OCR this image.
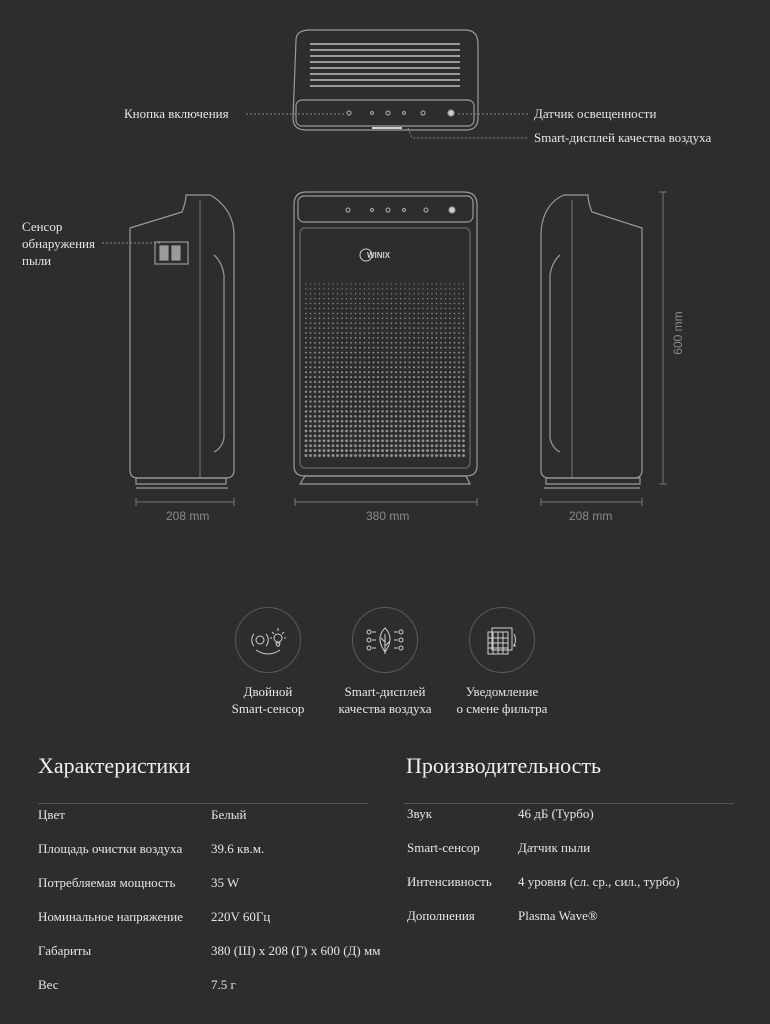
WINIX
Кнопка включения	Датчик освещенности
Smart-дисплей качества воздуха
Сенсор
обнаружения
пыли
208 mm	380 mm	208 mm
600 mm
Двойной
Smart-сенсор
Smart-дисплей
качества воздуха
Уведомление
о смене фильтра
Характеристики
Цвет	Белый
Площадь очистки воздуха 39.6 кв.м.
Потребляемая мощность	35 W
Номинальное напряжение 220V 60Гц
Габариты	380 (Ш) x 208 (Г) x 600 (Д) мм
Вес	7.5 г
Производительность
Звук	46 дБ (Турбо)
Smart-сенсор	Датчик пыли
Интенсивность 4 уровня (сл. ср., сил., турбо)
Дополнения	Plasma Wave®
